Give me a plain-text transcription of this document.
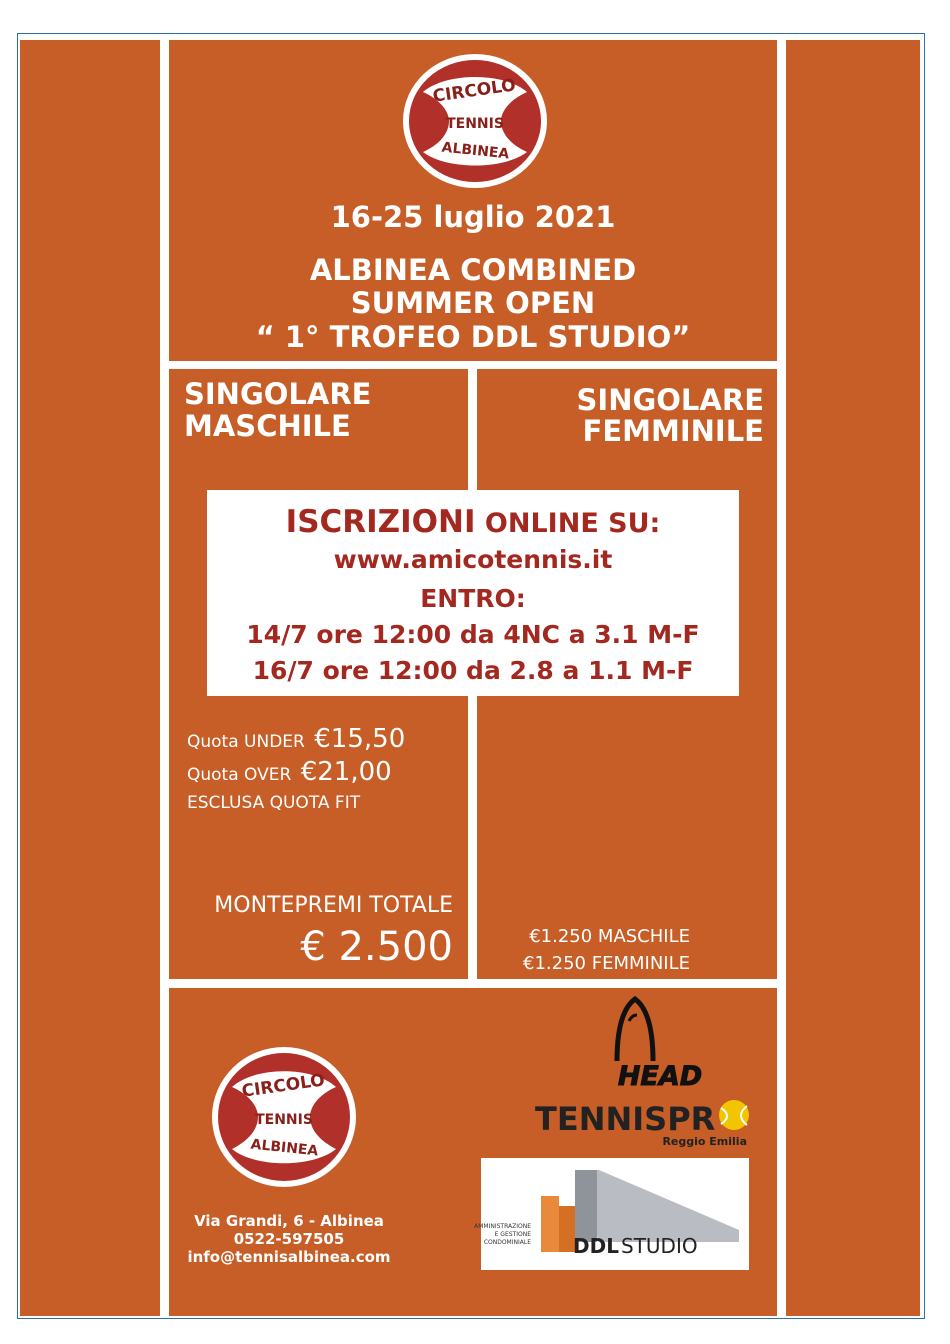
CIRCOLO
TENNIS
ALBINEA

16-25 luglio 2021

ALBINEA COMBINED

SUMMER OPEN

“ 1° TROFEO DDL STUDIO”

SINGOLARE

MASCHILE

SINGOLARE

FEMMINILE

ISCRIZIONI ONLINE SU:

www.amicotennis.it

ENTRO:

14/7 ore 12:00 da 4NC a 3.1 M-F

16/7 ore 12:00 da 2.8 a 1.1 M-F

Quota UNDER €15,50

Quota OVER €21,00

ESCLUSA QUOTA FIT

MONTEPREMI TOTALE

€ 2.500	€1.250 MASCHILE

€1.250 FEMMINILE

CIRCOLO
TENNIS
ALBINEA

Via Grandi, 6 - Albinea

0522-597505

info@tennisalbinea.com

HEAD
TENNISPR
Reggio Emilia
AMMINISTRAZIONE
E GESTIONE
CONDOMINIALE DDL STUDIO
